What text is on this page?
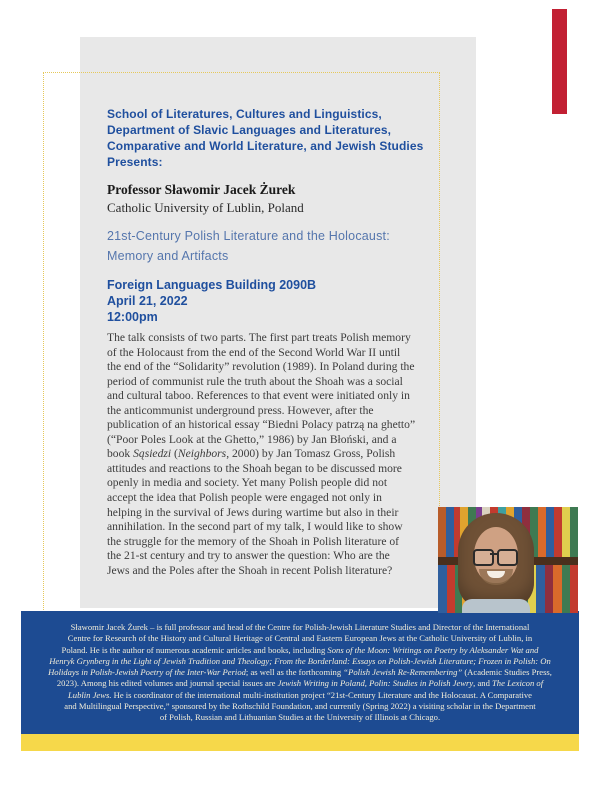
School of Literatures, Cultures and Linguistics,
Department of Slavic Languages and Literatures,
Comparative and World Literature, and Jewish Studies
Presents:
Professor Sławomir Jacek Żurek
Catholic University of Lublin, Poland
21st-Century Polish Literature and the Holocaust:
Memory and Artifacts
Foreign Languages Building 2090B
April 21, 2022
12:00pm
The talk consists of two parts. The first part treats Polish memory
of the Holocaust from the end of the Second World War II until
the end of the “Solidarity” revolution (1989). In Poland during the
period of communist rule the truth about the Shoah was a social
and cultural taboo. References to that event were initiated only in
the anticommunist underground press. However, after the
publication of an historical essay “Biedni Polacy patrzą na ghetto”
(“Poor Poles Look at the Ghetto,” 1986) by Jan Błoński, and a
book Sąsiedzi (Neighbors, 2000) by Jan Tomasz Gross, Polish
attitudes and reactions to the Shoah began to be discussed more
openly in media and society. Yet many Polish people did not
accept the idea that Polish people were engaged not only in
helping in the survival of Jews during wartime but also in their
annihilation. In the second part of my talk, I would like to show
the struggle for the memory of the Shoah in Polish literature of
the 21-st century and try to answer the question: Who are the
Jews and the Poles after the Shoah in recent Polish literature?
Sławomir Jacek Żurek – is full professor and head of the Centre for Polish-Jewish Literature Studies and Director of the International
Centre for Research of the History and Cultural Heritage of Central and Eastern European Jews at the Catholic University of Lublin, in
Poland. He is the author of numerous academic articles and books, including Sons of the Moon: Writings on Poetry by Aleksander Wat and
Henryk Grynberg in the Light of Jewish Tradition and Theology; From the Borderland: Essays on Polish-Jewish Literature; Frozen in Polish: On
Holidays in Polish-Jewish Poetry of the Inter-War Period; as well as the forthcoming “Polish Jewish Re-Remembering” (Academic Studies Press,
2023). Among his edited volumes and journal special issues are Jewish Writing in Poland, Polin: Studies in Polish Jewry, and The Lexicon of
Lublin Jews. He is coordinator of the international multi-institution project “21st-Century Literature and the Holocaust. A Comparative
and Multilingual Perspective,” sponsored by the Rothschild Foundation, and currently (Spring 2022) a visiting scholar in the Department
of Polish, Russian and Lithuanian Studies at the University of Illinois at Chicago.
